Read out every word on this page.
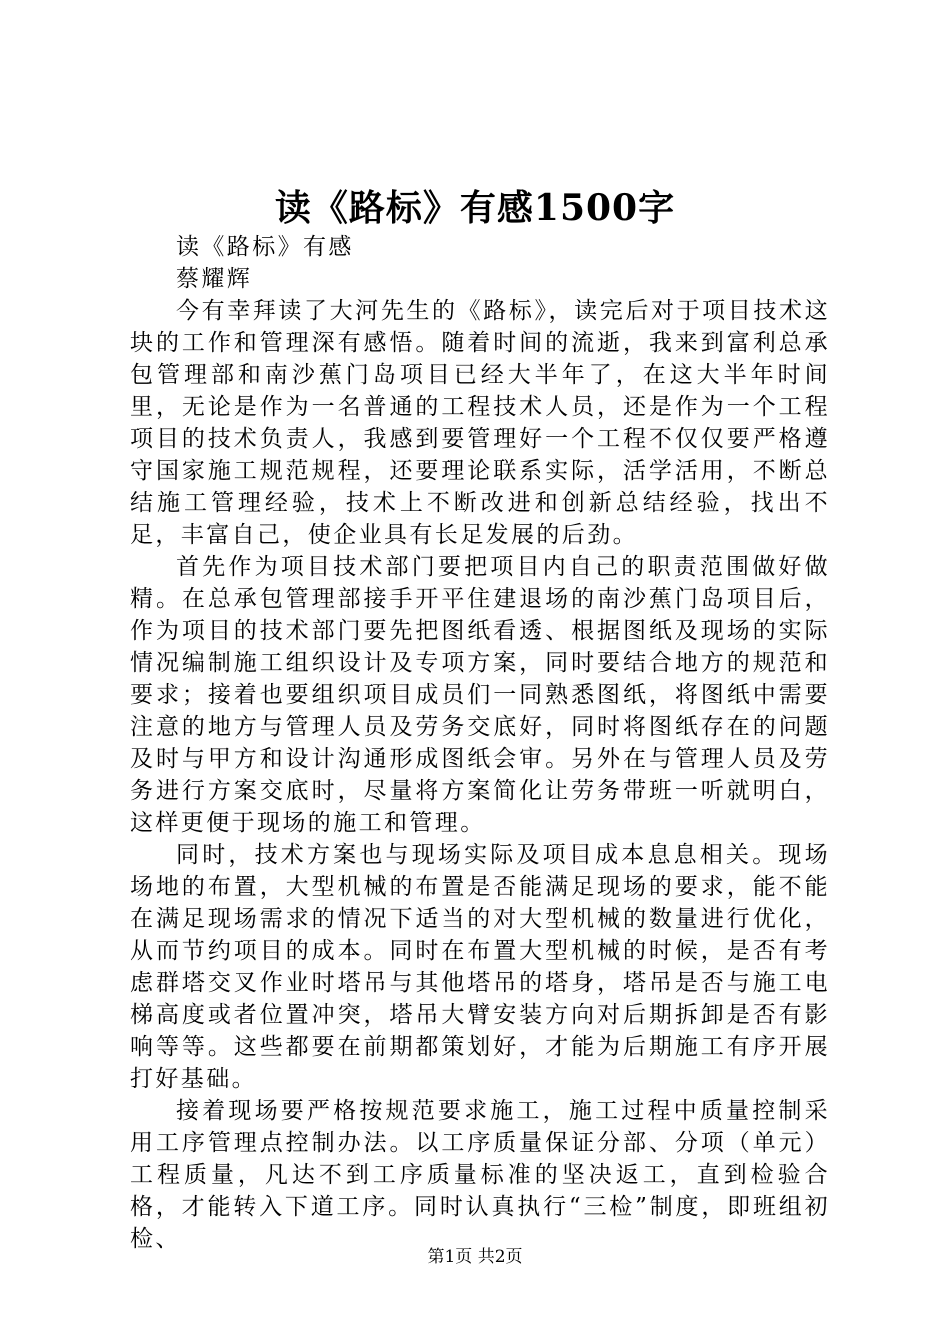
读《路标》有感1500字

读《路标》有感

蔡耀辉

今有幸拜读了大河先生的《路标》，读完后对于项目技术这块的工作和管理深有感悟。随着时间的流逝，我来到富利总承包管理部和南沙蕉门岛项目已经大半年了，在这大半年时间里，无论是作为一名普通的工程技术人员，还是作为一个工程项目的技术负责人，我感到要管理好一个工程不仅仅要严格遵守国家施工规范规程，还要理论联系实际，活学活用，不断总结施工管理经验，技术上不断改进和创新总结经验，找出不足，丰富自己，使企业具有长足发展的后劲。

首先作为项目技术部门要把项目内自己的职责范围做好做精。在总承包管理部接手开平住建退场的南沙蕉门岛项目后，作为项目的技术部门要先把图纸看透、根据图纸及现场的实际情况编制施工组织设计及专项方案，同时要结合地方的规范和要求；接着也要组织项目成员们一同熟悉图纸，将图纸中需要注意的地方与管理人员及劳务交底好，同时将图纸存在的问题及时与甲方和设计沟通形成图纸会审。另外在与管理人员及劳务进行方案交底时，尽量将方案简化让劳务带班一听就明白，这样更便于现场的施工和管理。

同时，技术方案也与现场实际及项目成本息息相关。现场场地的布置，大型机械的布置是否能满足现场的要求，能不能在满足现场需求的情况下适当的对大型机械的数量进行优化，从而节约项目的成本。同时在布置大型机械的时候，是否有考虑群塔交叉作业时塔吊与其他塔吊的塔身，塔吊是否与施工电梯高度或者位置冲突，塔吊大臂安装方向对后期拆卸是否有影响等等。这些都要在前期都策划好，才能为后期施工有序开展打好基础。

接着现场要严格按规范要求施工，施工过程中质量控制采用工序管理点控制办法。以工序质量保证分部、分项（单元）工程质量，凡达不到工序质量标准的坚决返工，直到检验合格，才能转入下道工序。同时认真执行“三检”制度，即班组初检、

第1页 共2页
